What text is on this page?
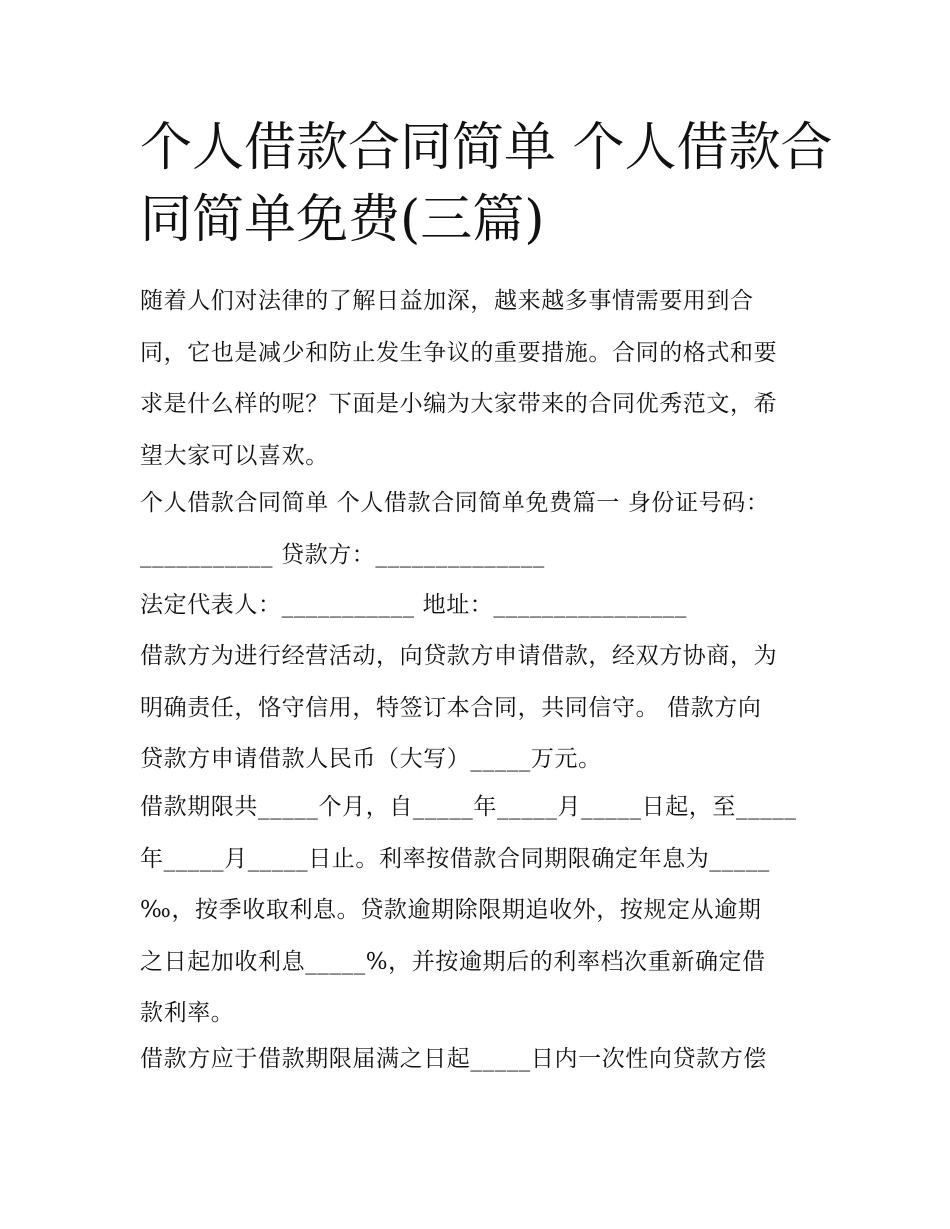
个人借款合同简单 个人借款合
同简单免费(三篇)

随着人们对法律的了解日益加深，越来越多事情需要用到合
同，它也是减少和防止发生争议的重要措施。合同的格式和要
求是什么样的呢？下面是小编为大家带来的合同优秀范文，希
望大家可以喜欢。

个人借款合同简单 个人借款合同简单免费篇一 身份证号码：
___________ 贷款方：______________

法定代表人：___________ 地址：________________

借款方为进行经营活动，向贷款方申请借款，经双方协商，为
明确责任，恪守信用，特签订本合同，共同信守。 借款方向
贷款方申请借款人民币（大写）_____万元。

借款期限共_____个月，自_____年_____月_____日起，至_____
年_____月_____日止。利率按借款合同期限确定年息为_____
‰，按季收取利息。贷款逾期除限期追收外，按规定从逾期
之日起加收利息_____%，并按逾期后的利率档次重新确定借
款利率。

借款方应于借款期限届满之日起_____日内一次性向贷款方偿
